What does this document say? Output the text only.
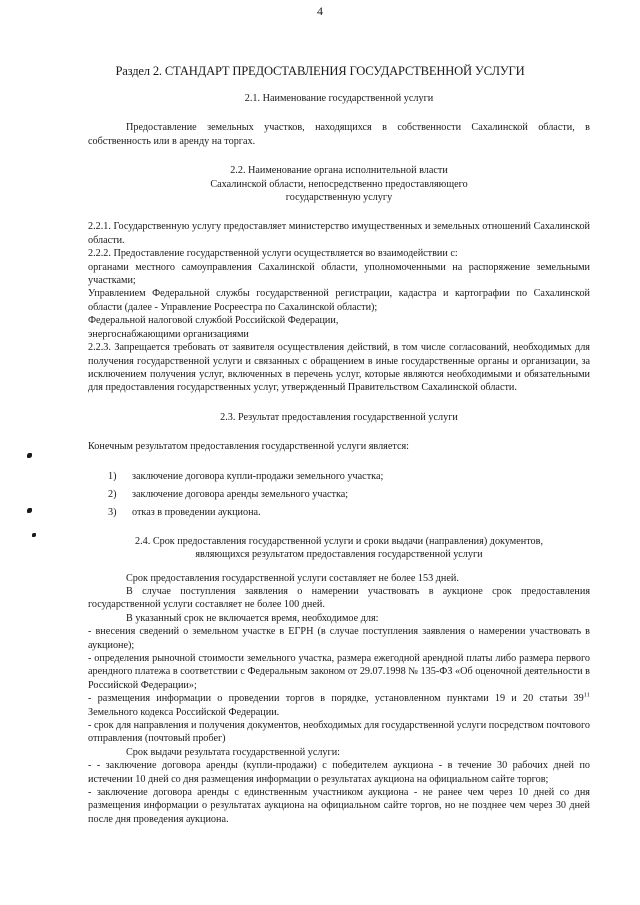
4
Раздел 2. СТАНДАРТ ПРЕДОСТАВЛЕНИЯ ГОСУДАРСТВЕННОЙ УСЛУГИ

2.1. Наименование государственной услуги

Предоставление земельных участков, находящихся в собственности Сахалинской области, в собственность или в аренду на торгах.

2.2. Наименование органа исполнительной власти

Сахалинской области, непосредственно предоставляющего

государственную услугу

2.2.1. Государственную услугу предоставляет министерство имущественных и земельных отношений Сахалинской области.

2.2.2. Предоставление государственной услуги осуществляется во взаимодействии с:

органами местного самоуправления Сахалинской области, уполномоченными на распоряжение земельными участками;

Управлением Федеральной службы государственной регистрации, кадастра и картографии по Сахалинской области (далее - Управление Росреестра по Сахалинской области);

Федеральной налоговой службой Российской Федерации,

энергоснабжающими организациями

2.2.3. Запрещается требовать от заявителя осуществления действий, в том числе согласований, необходимых для получения государственной услуги и связанных с обращением в иные государственные органы и организации, за исключением получения услуг, включенных в перечень услуг, которые являются необходимыми и обязательными для предоставления государственных услуг, утвержденный Правительством Сахалинской области.

2.3. Результат предоставления государственной услуги

Конечным результатом предоставления государственной услуги является:

1) заключение договора купли-продажи земельного участка;
2) заключение договора аренды земельного участка;
3) отказ в проведении аукциона.

2.4. Срок предоставления государственной услуги и сроки выдачи (направления) документов,

являющихся результатом предоставления государственной услуги

Срок предоставления государственной услуги составляет не более 153 дней.

В случае поступления заявления о намерении участвовать в аукционе срок предоставления государственной услуги составляет не более 100 дней.

В указанный срок не включается время, необходимое для:

- внесения сведений о земельном участке в ЕГРН (в случае поступления заявления о намерении участвовать в аукционе);

- определения рыночной стоимости земельного участка, размера ежегодной арендной платы либо размера первого арендного платежа в соответствии с Федеральным законом от 29.07.1998 № 135-ФЗ «Об оценочной деятельности в Российской Федерации»;

- размещения информации о проведении торгов в порядке, установленном пунктами 19 и 20 статьи $39^{11}$ Земельного кодекса Российской Федерации.

- срок для направления и получения документов, необходимых для государственной услуги посредством почтового отправления (почтовый пробег)

Срок выдачи результата государственной услуги:

- - заключение договора аренды (купли-продажи) с победителем аукциона - в течение 30 рабочих дней по истечении 10 дней со дня размещения информации о результатах аукциона на официальном сайте торгов;

- заключение договора аренды с единственным участником аукциона - не ранее чем через 10 дней со дня размещения информации о результатах аукциона на официальном сайте торгов, но не позднее чем через 30 дней после дня проведения аукциона.
